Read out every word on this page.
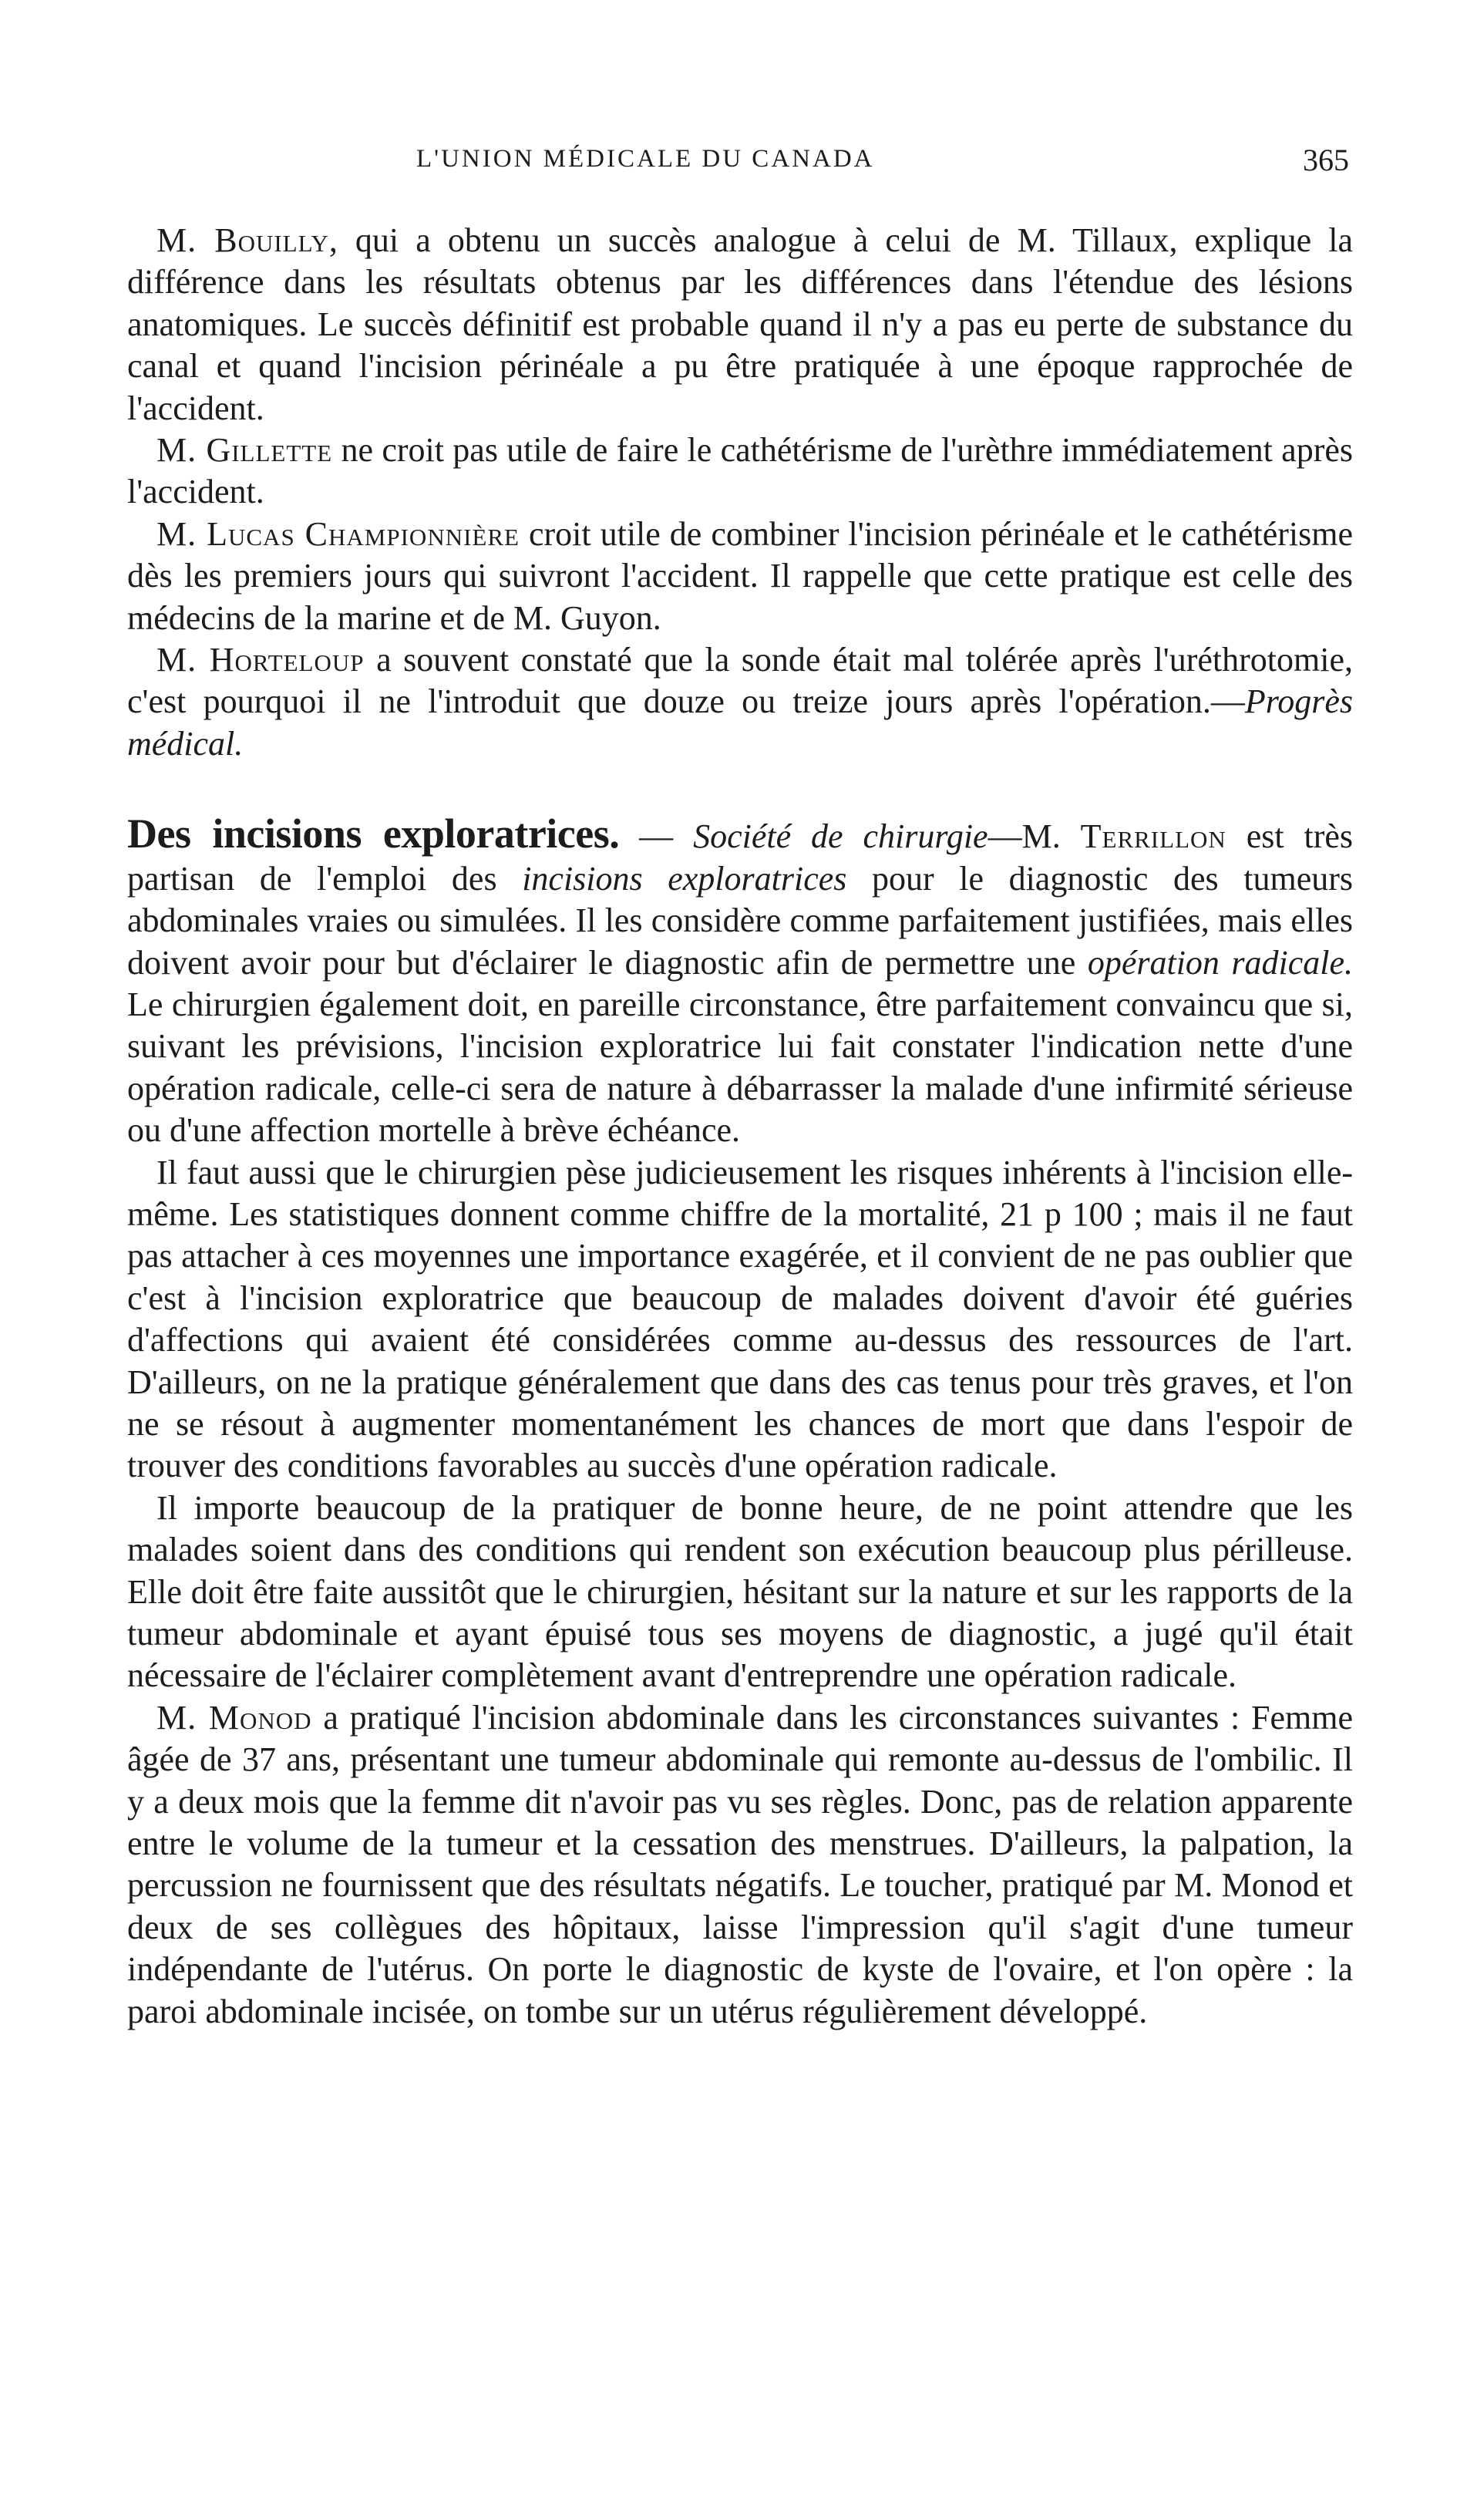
L'UNION MÉDICALE DU CANADA	365

M. Bouilly, qui a obtenu un succès analogue à celui de M. Tillaux, explique la différence dans les résultats obtenus par les différences dans l'étendue des lésions anatomiques. Le succès définitif est probable quand il n'y a pas eu perte de substance du canal et quand l'incision périnéale a pu être pratiquée à une époque rapprochée de l'accident.

M. Gillette ne croit pas utile de faire le cathétérisme de l'urèthre immédiatement après l'accident.

M. Lucas Championnière croit utile de combiner l'incision périnéale et le cathétérisme dès les premiers jours qui suivront l'accident. Il rappelle que cette pratique est celle des médecins de la marine et de M. Guyon.

M. Horteloup a souvent constaté que la sonde était mal tolérée après l'uréthrotomie, c'est pourquoi il ne l'introduit que douze ou treize jours après l'opération.—Progrès médical.

Des incisions exploratrices. — Société de chirurgie—M. Terrillon est très partisan de l'emploi des incisions exploratrices pour le diagnostic des tumeurs abdominales vraies ou simulées. Il les considère comme parfaitement justifiées, mais elles doivent avoir pour but d'éclairer le diagnostic afin de permettre une opération radicale. Le chirurgien également doit, en pareille circonstance, être parfaitement convaincu que si, suivant les prévisions, l'incision exploratrice lui fait constater l'indication nette d'une opération radicale, celle-ci sera de nature à débarrasser la malade d'une infirmité sérieuse ou d'une affection mortelle à brève échéance.

Il faut aussi que le chirurgien pèse judicieusement les risques inhérents à l'incision elle-même. Les statistiques donnent comme chiffre de la mortalité, 21 p 100 ; mais il ne faut pas attacher à ces moyennes une importance exagérée, et il convient de ne pas oublier que c'est à l'incision exploratrice que beaucoup de malades doivent d'avoir été guéries d'affections qui avaient été considérées comme au-dessus des ressources de l'art. D'ailleurs, on ne la pratique généralement que dans des cas tenus pour très graves, et l'on ne se résout à augmenter momentanément les chances de mort que dans l'espoir de trouver des conditions favorables au succès d'une opération radicale.

Il importe beaucoup de la pratiquer de bonne heure, de ne point attendre que les malades soient dans des conditions qui rendent son exécution beaucoup plus périlleuse. Elle doit être faite aussitôt que le chirurgien, hésitant sur la nature et sur les rapports de la tumeur abdominale et ayant épuisé tous ses moyens de diagnostic, a jugé qu'il était nécessaire de l'éclairer complètement avant d'entreprendre une opération radicale.

M. Monod a pratiqué l'incision abdominale dans les circonstances suivantes : Femme âgée de 37 ans, présentant une tumeur abdominale qui remonte au-dessus de l'ombilic. Il y a deux mois que la femme dit n'avoir pas vu ses règles. Donc, pas de relation apparente entre le volume de la tumeur et la cessation des menstrues. D'ailleurs, la palpation, la percussion ne fournissent que des résultats négatifs. Le toucher, pratiqué par M. Monod et deux de ses collègues des hôpitaux, laisse l'impression qu'il s'agit d'une tumeur indépendante de l'utérus. On porte le diagnostic de kyste de l'ovaire, et l'on opère : la paroi abdominale incisée, on tombe sur un utérus régulièrement développé.
